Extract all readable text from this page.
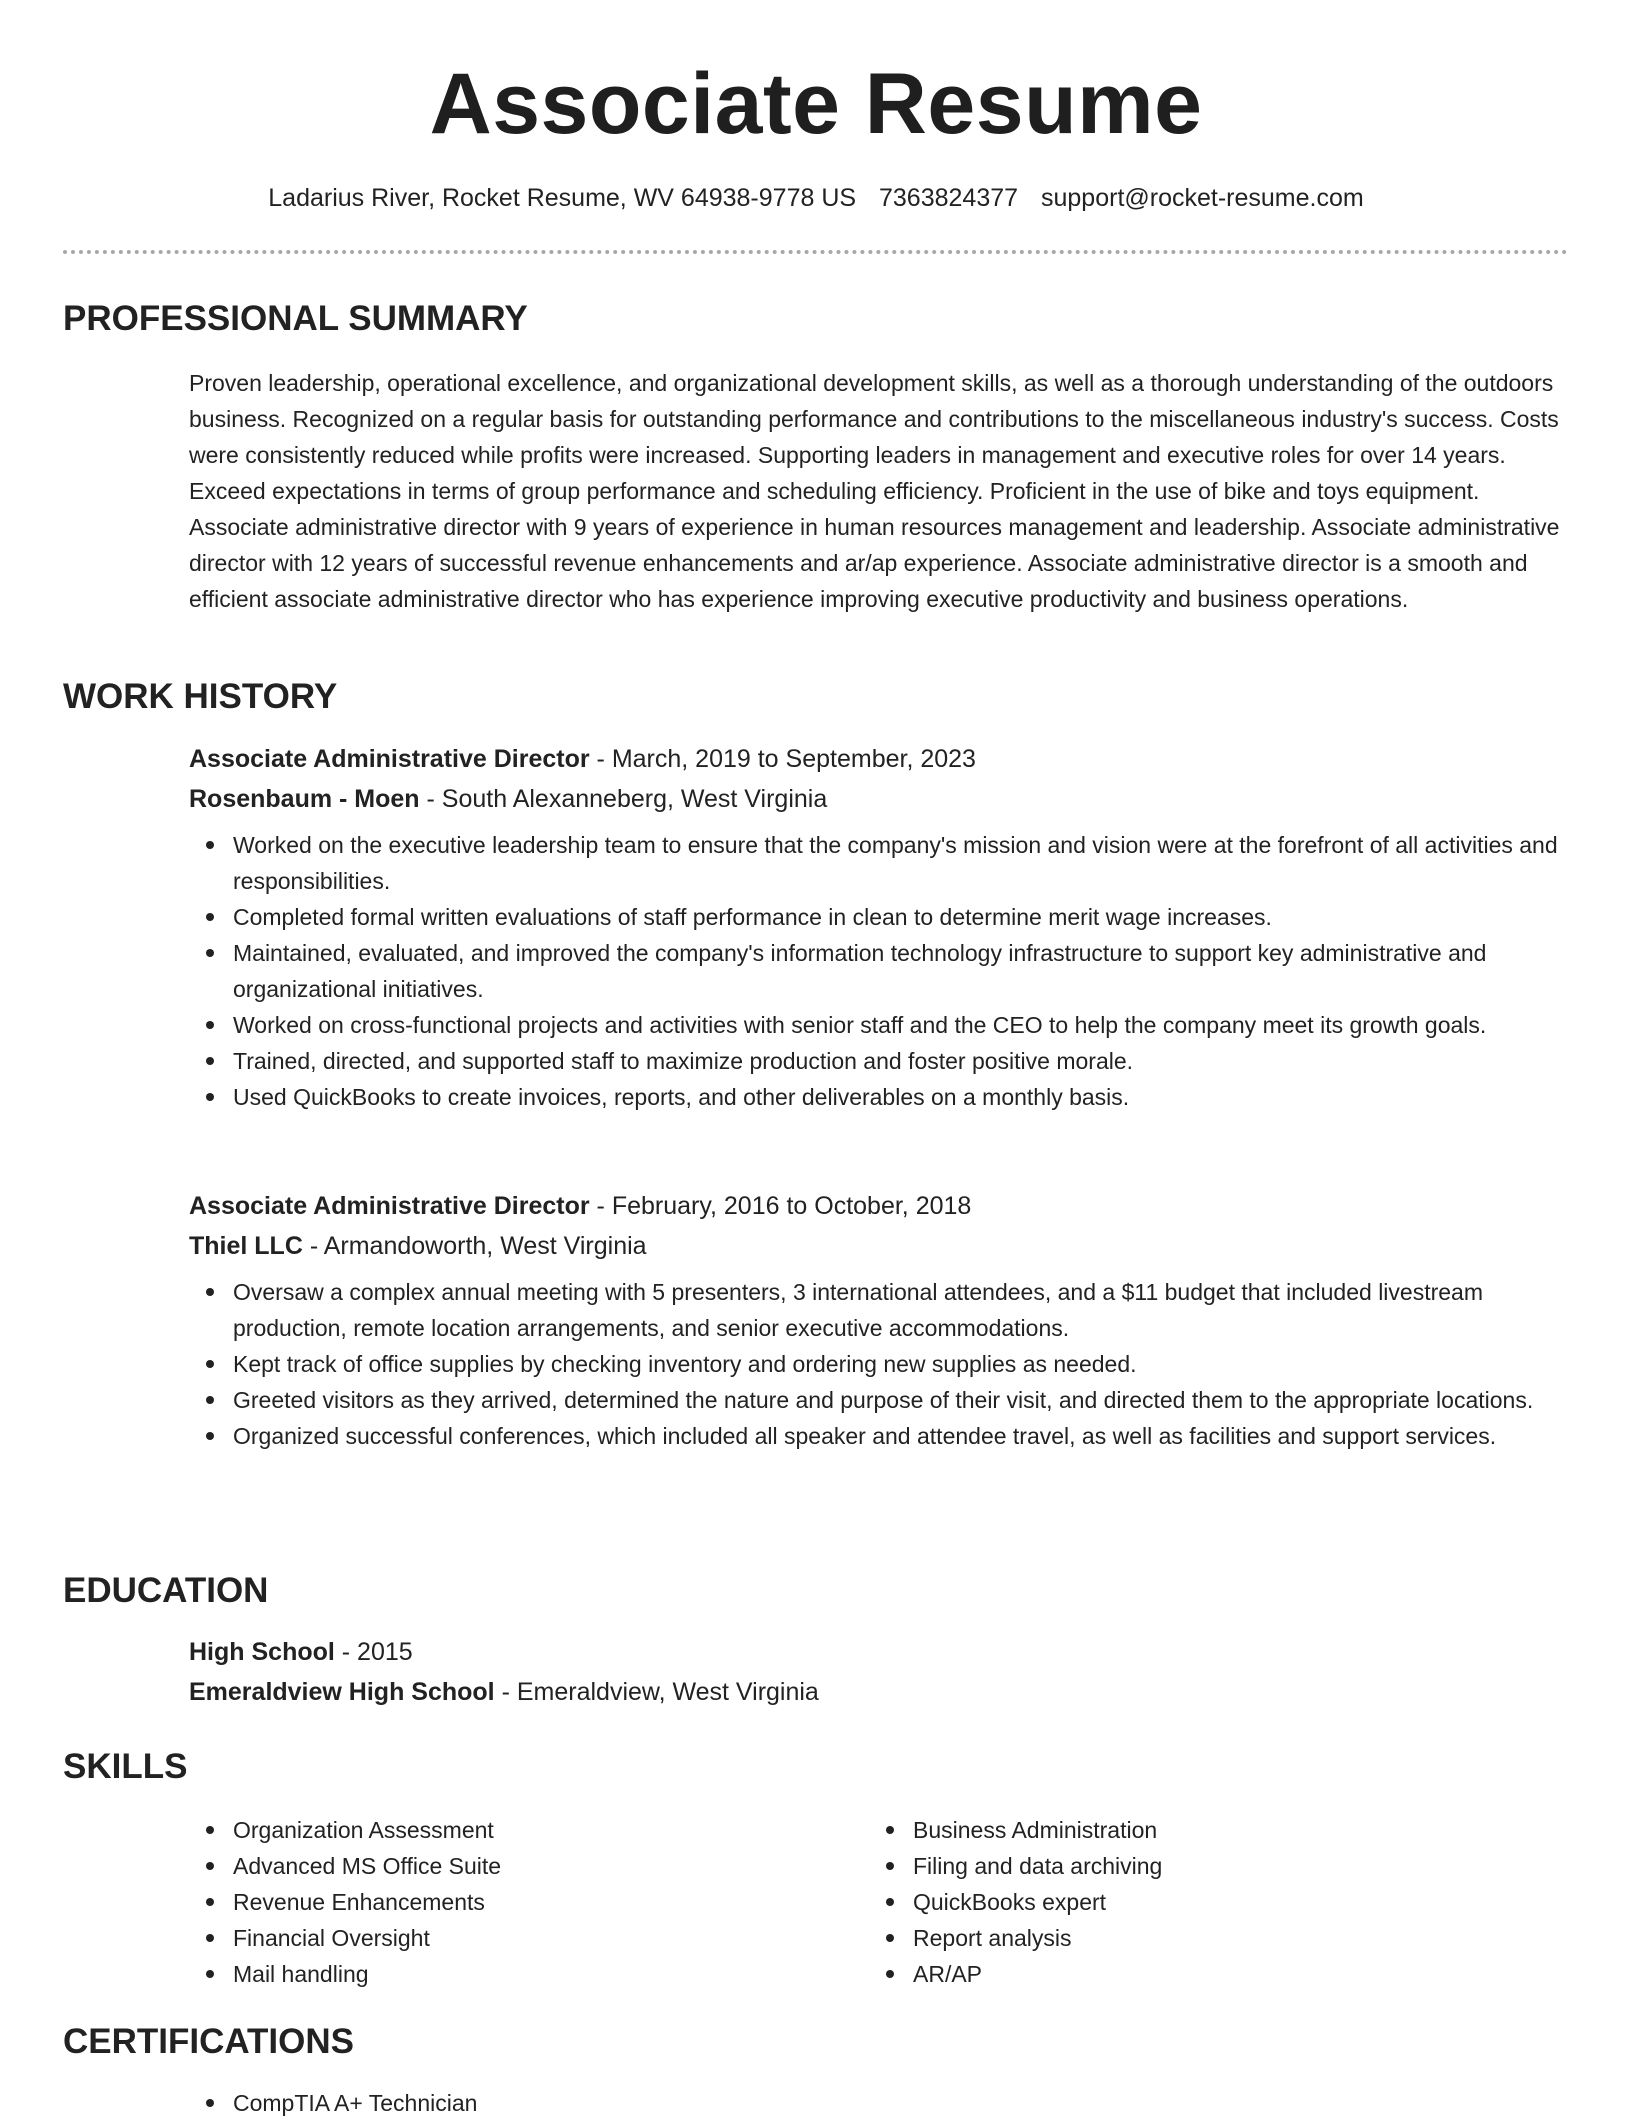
Associate Resume
Ladarius River, Rocket Resume, WV 64938-9778 US 7363824377 support@rocket-resume.com
PROFESSIONAL SUMMARY
Proven leadership, operational excellence, and organizational development skills, as well as a thorough understanding of the outdoors business. Recognized on a regular basis for outstanding performance and contributions to the miscellaneous industry's success. Costs were consistently reduced while profits were increased. Supporting leaders in management and executive roles for over 14 years. Exceed expectations in terms of group performance and scheduling efficiency. Proficient in the use of bike and toys equipment. Associate administrative director with 9 years of experience in human resources management and leadership. Associate administrative director with 12 years of successful revenue enhancements and ar/ap experience. Associate administrative director is a smooth and efficient associate administrative director who has experience improving executive productivity and business operations.
WORK HISTORY
Associate Administrative Director - March, 2019 to September, 2023
Rosenbaum - Moen - South Alexanneberg, West Virginia
Worked on the executive leadership team to ensure that the company's mission and vision were at the forefront of all activities and responsibilities.
Completed formal written evaluations of staff performance in clean to determine merit wage increases.
Maintained, evaluated, and improved the company's information technology infrastructure to support key administrative and organizational initiatives.
Worked on cross-functional projects and activities with senior staff and the CEO to help the company meet its growth goals.
Trained, directed, and supported staff to maximize production and foster positive morale.
Used QuickBooks to create invoices, reports, and other deliverables on a monthly basis.
Associate Administrative Director - February, 2016 to October, 2018
Thiel LLC - Armandoworth, West Virginia
Oversaw a complex annual meeting with 5 presenters, 3 international attendees, and a $11 budget that included livestream production, remote location arrangements, and senior executive accommodations.
Kept track of office supplies by checking inventory and ordering new supplies as needed.
Greeted visitors as they arrived, determined the nature and purpose of their visit, and directed them to the appropriate locations.
Organized successful conferences, which included all speaker and attendee travel, as well as facilities and support services.
EDUCATION
High School - 2015
Emeraldview High School - Emeraldview, West Virginia
SKILLS
Organization Assessment
Advanced MS Office Suite
Revenue Enhancements
Financial Oversight
Mail handling
Business Administration
Filing and data archiving
QuickBooks expert
Report analysis
AR/AP
CERTIFICATIONS
CompTIA A+ Technician
